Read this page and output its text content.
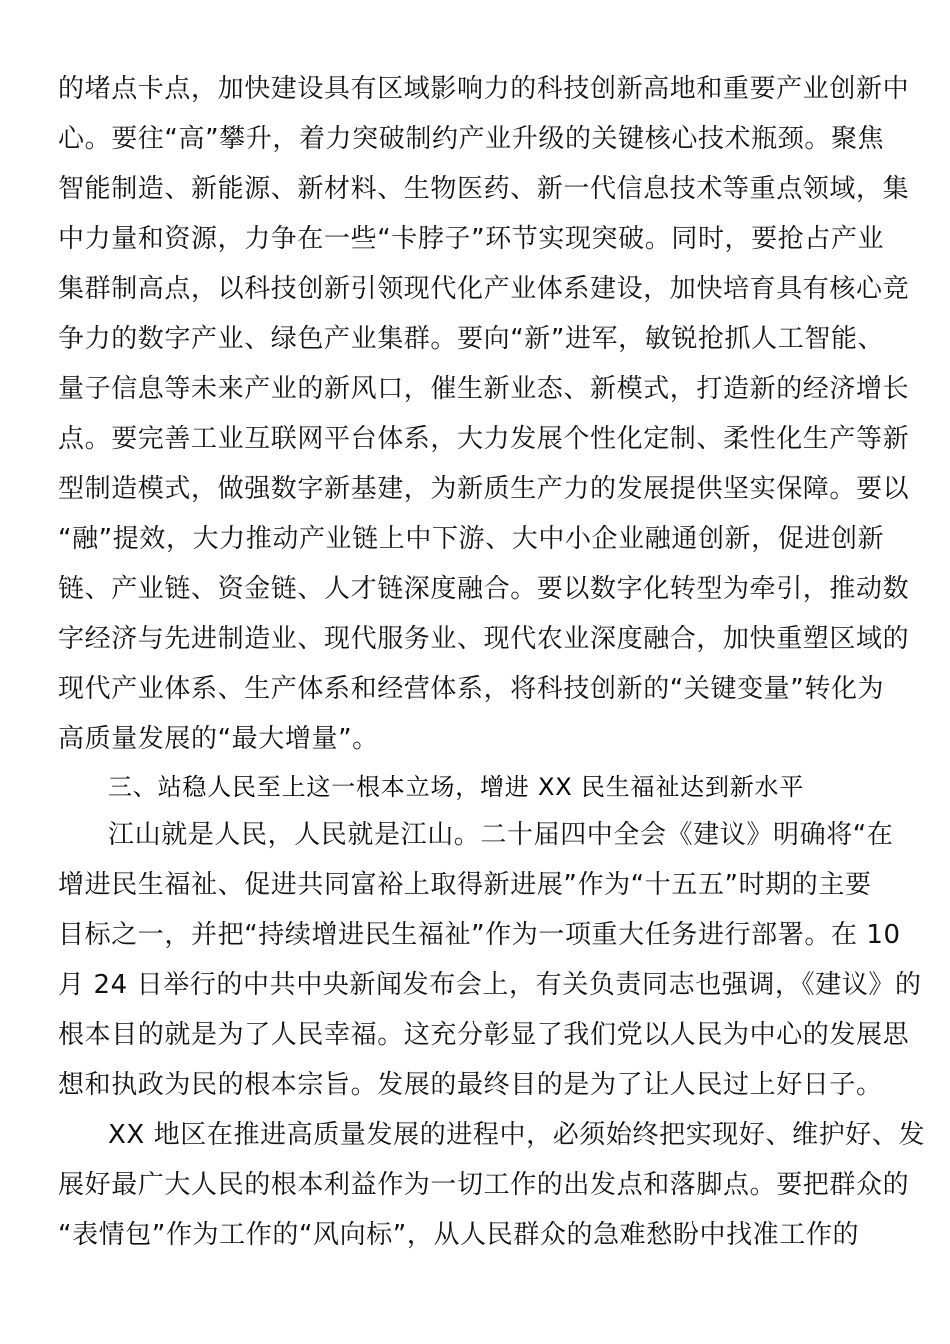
的堵点卡点，加快建设具有区域影响力的科技创新高地和重要产业创新中
心。要往“高”攀升，着力突破制约产业升级的关键核心技术瓶颈。聚焦
智能制造、新能源、新材料、生物医药、新一代信息技术等重点领域，集
中力量和资源，力争在一些“卡脖子”环节实现突破。同时，要抢占产业
集群制高点，以科技创新引领现代化产业体系建设，加快培育具有核心竞
争力的数字产业、绿色产业集群。要向“新”进军，敏锐抢抓人工智能、
量子信息等未来产业的新风口，催生新业态、新模式，打造新的经济增长
点。要完善工业互联网平台体系，大力发展个性化定制、柔性化生产等新
型制造模式，做强数字新基建，为新质生产力的发展提供坚实保障。要以
“融”提效，大力推动产业链上中下游、大中小企业融通创新，促进创新
链、产业链、资金链、人才链深度融合。要以数字化转型为牵引，推动数
字经济与先进制造业、现代服务业、现代农业深度融合，加快重塑区域的
现代产业体系、生产体系和经营体系，将科技创新的“关键变量”转化为
高质量发展的“最大增量”。
三、站稳人民至上这一根本立场，增进 XX 民生福祉达到新水平
江山就是人民，人民就是江山。二十届四中全会《建议》明确将“在
增进民生福祉、促进共同富裕上取得新进展”作为“十五五”时期的主要
目标之一，并把“持续增进民生福祉”作为一项重大任务进行部署。在 10
月 24 日举行的中共中央新闻发布会上，有关负责同志也强调，《建议》的
根本目的就是为了人民幸福。这充分彰显了我们党以人民为中心的发展思
想和执政为民的根本宗旨。发展的最终目的是为了让人民过上好日子。
XX 地区在推进高质量发展的进程中，必须始终把实现好、维护好、发
展好最广大人民的根本利益作为一切工作的出发点和落脚点。要把群众的
“表情包”作为工作的“风向标”，从人民群众的急难愁盼中找准工作的
